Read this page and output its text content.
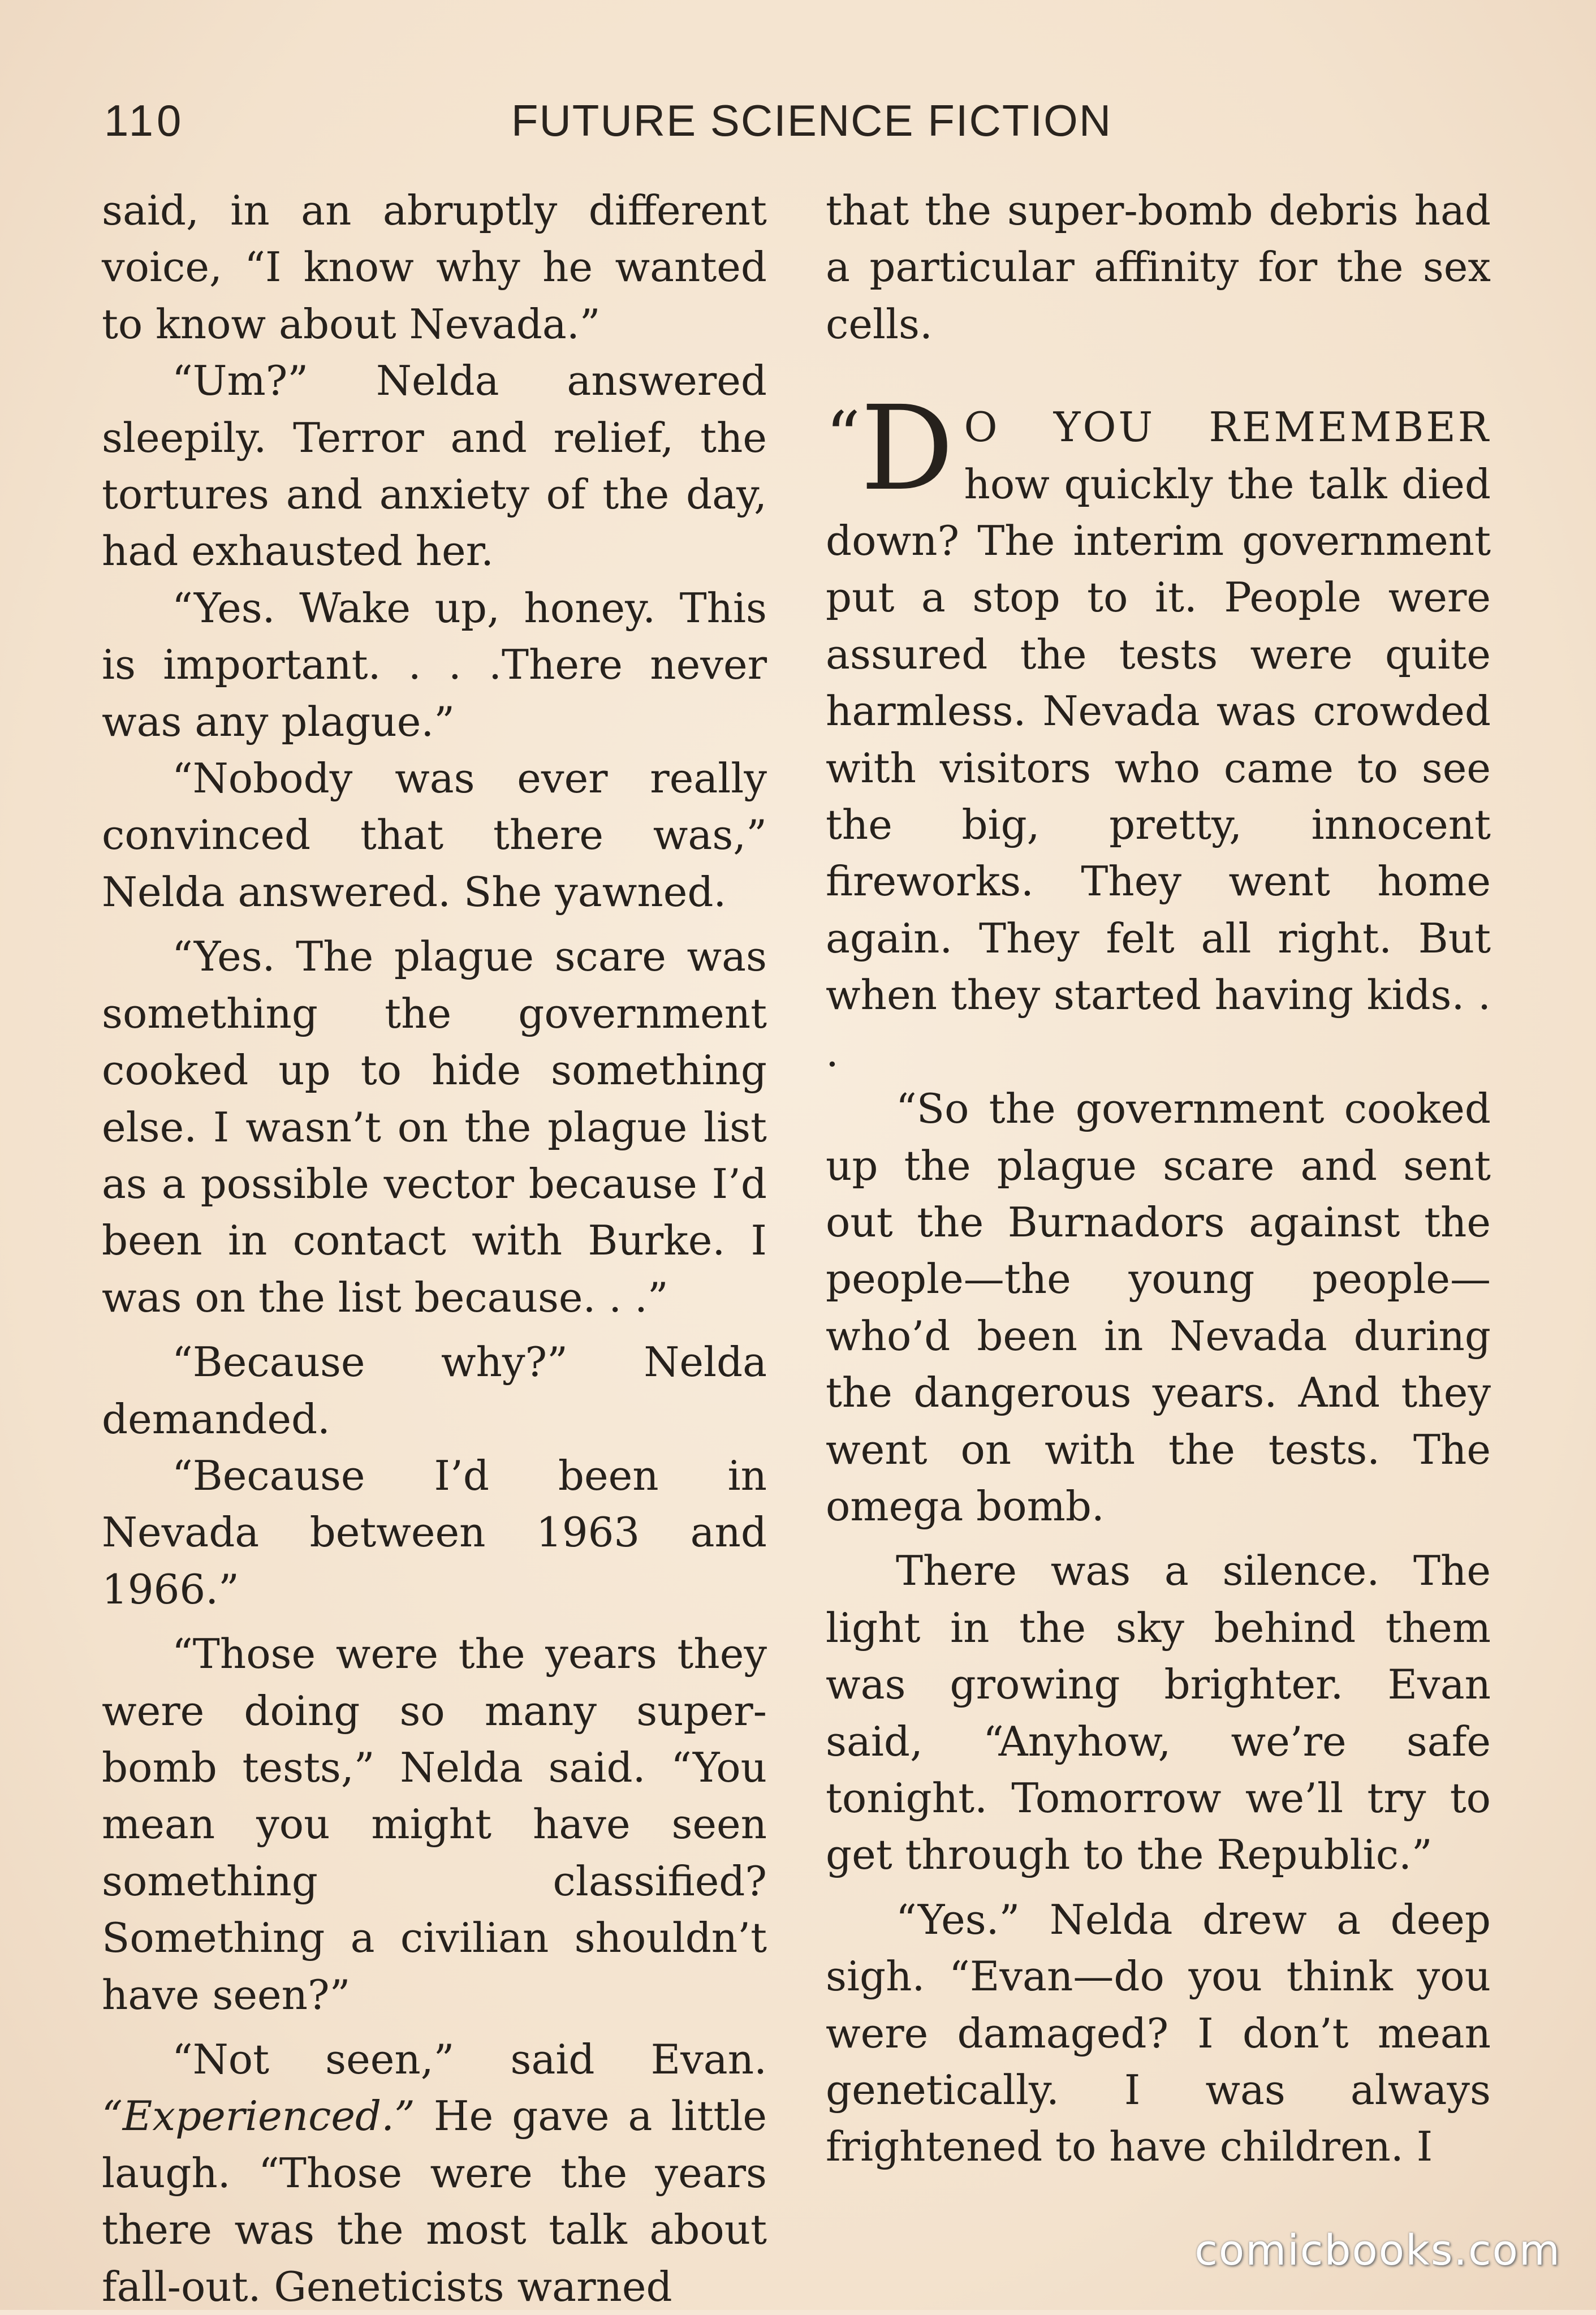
110	FUTURE SCIENCE FICTION

said, in an abruptly different voice, “I know why he wanted to know about Nevada.”

“Um?” Nelda answered sleepily. Terror and relief, the tortures and anxiety of the day, had exhausted her.

“Yes. Wake up, honey. This is important. . . .There never was any plague.”

“Nobody was ever really convinced that there was,” Nelda answered. She yawned.

“Yes. The plague scare was something the government cooked up to hide something else. I wasn’t on the plague list as a possible vector because I’d been in contact with Burke. I was on the list because. . .”

“Because why?” Nelda demanded.

“Because I’d been in Nevada between 1963 and 1966.”

“Those were the years they were doing so many super-bomb tests,” Nelda said. “You mean you might have seen something classified? Something a civilian shouldn’t have seen?”

“Not seen,” said Evan. “Experienced.” He gave a little laugh. “Those were the years there was the most talk about fall-out. Geneticists warned

that the super-bomb debris had a particular affinity for the sex cells.

“D O YOU REMEMBER how quickly the talk died down? The interim government put a stop to it. People were assured the tests were quite harmless. Nevada was crowded with visitors who came to see the big, pretty, innocent fireworks. They went home again. They felt all right. But when they started having kids. . .

“So the government cooked up the plague scare and sent out the Burnadors against the people—the young people—who’d been in Nevada during the dangerous years. And they went on with the tests. The omega bomb.

There was a silence. The light in the sky behind them was growing brighter. Evan said, “Anyhow, we’re safe tonight. Tomorrow we’ll try to get through to the Republic.”

“Yes.” Nelda drew a deep sigh. “Evan—do you think you were damaged? I don’t mean genetically. I was always frightened to have children. I

comicbooks.com
